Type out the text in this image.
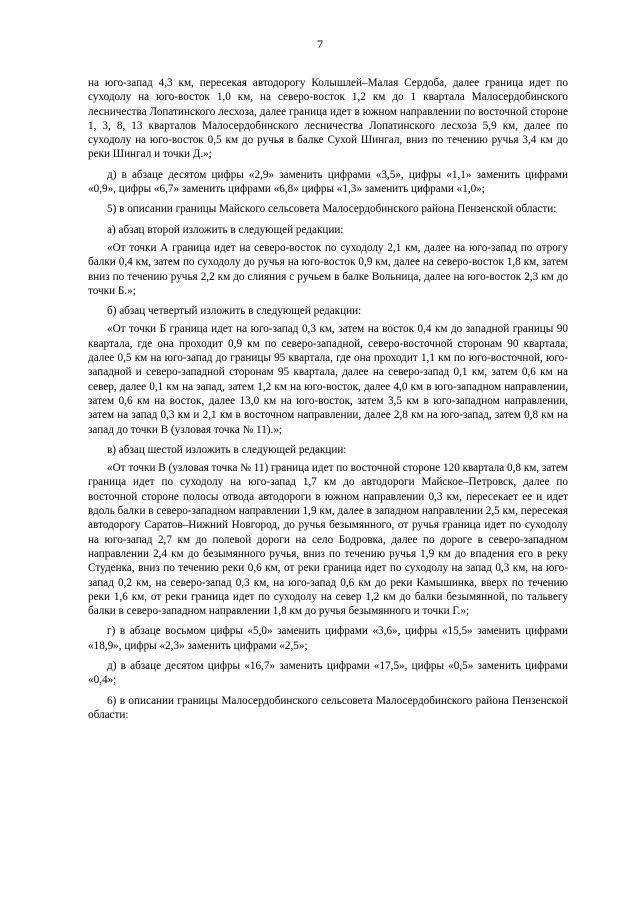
7

на юго-запад 4,3 км, пересекая автодорогу Колышлей–Малая Сердоба, далее граница идет по суходолу на юго-восток 1,0 км, на северо-восток 1,2 км до 1 квартала Малосердобинского лесничества Лопатинского лесхоза, далее граница идет в южном направлении по восточной стороне 1, 3, 8, 13 кварталов Малосердобинского лесничества Лопатинского лесхоза 5,9 км, далее по суходолу на юго-восток 0,5 км до ручья в балке Сухой Шингал, вниз по течению ручья 3,4 км до реки Шингал и точки Д.»;

д) в абзаце десятом цифры «2,9» заменить цифрами «3,5», цифры «1,1» заменить цифрами «0,9», цифры «6,7» заменить цифрами «6,8» цифры «1,3» заменить цифрами «1,0»;

5) в описании границы Майского сельсовета Малосердобинского района Пензенской области:

а) абзац второй изложить в следующей редакции:

«От точки А граница идет на северо-восток по суходолу 2,1 км, далее на юго-запад по отрогу балки 0,4 км, затем по суходолу до ручья на юго-восток 0,9 км, далее на северо-восток 1,8 км, затем вниз по течению ручья 2,2 км до слияния с ручьем в балке Вольница, далее на юго-восток 2,3 км до точки Б.»;

б) абзац четвертый изложить в следующей редакции:

«От точки Б граница идет на юго-запад 0,3 км, затем на восток 0,4 км до западной границы 90 квартала, где она проходит 0,9 км по северо-западной, северо-восточной сторонам 90 квартала, далее 0,5 км на юго-запад до границы 95 квартала, где она проходит 1,1 км по юго-восточной, юго-западной и северо-западной сторонам 95 квартала, далее на северо-запад 0,1 км, затем 0,6 км на север, далее 0,1 км на запад, затем 1,2 км на юго-восток, далее 4,0 км в юго-западном направлении, затем 0,6 км на восток, далее 13,0 км на юго-восток, затем 3,5 км в юго-западном направлении, затем на запад 0,3 км и 2,1 км в восточном направлении, далее 2,8 км на юго-запад, затем 0,8 км на запад до точки В (узловая точка № 11).»;

в) абзац шестой изложить в следующей редакции:

«От точки В (узловая точка № 11) граница идет по восточной стороне 120 квартала 0,8 км, затем граница идет по суходолу на юго-запад 1,7 км до автодороги Майское–Петровск, далее по восточной стороне полосы отвода автодороги в южном направлении 0,3 км, пересекает ее и идет вдоль балки в северо-западном направлении 1,9 км, далее в западном направлении 2,5 км, пересекая автодорогу Саратов–Нижний Новгород, до ручья безымянного, от ручья граница идет по суходолу на юго-запад 2,7 км до полевой дороги на село Бодровка, далее по дороге в северо-западном направлении 2,4 км до безымянного ручья, вниз по течению ручья 1,9 км до впадения его в реку Студенка, вниз по течению реки 0,6 км, от реки граница идет по суходолу на запад 0,3 км, на юго-запад 0,2 км, на северо-запад 0,3 км, на юго-запад 0,6 км до реки Камышинка, вверх по течению реки 1,6 км, от реки граница идет по суходолу на север 1,2 км до балки безымянной, по тальвегу балки в северо-западном направлении 1,8 км до ручья безымянного и точки Г.»;

г) в абзаце восьмом цифры «5,0» заменить цифрами «3,6», цифры «15,5» заменить цифрами «18,9», цифры «2,3» заменить цифрами «2,5»;

д) в абзаце десятом цифры «16,7» заменить цифрами «17,5», цифры «0,5» заменить цифрами «0,4»;

6) в описании границы Малосердобинского сельсовета Малосердобинского района Пензенской области:
